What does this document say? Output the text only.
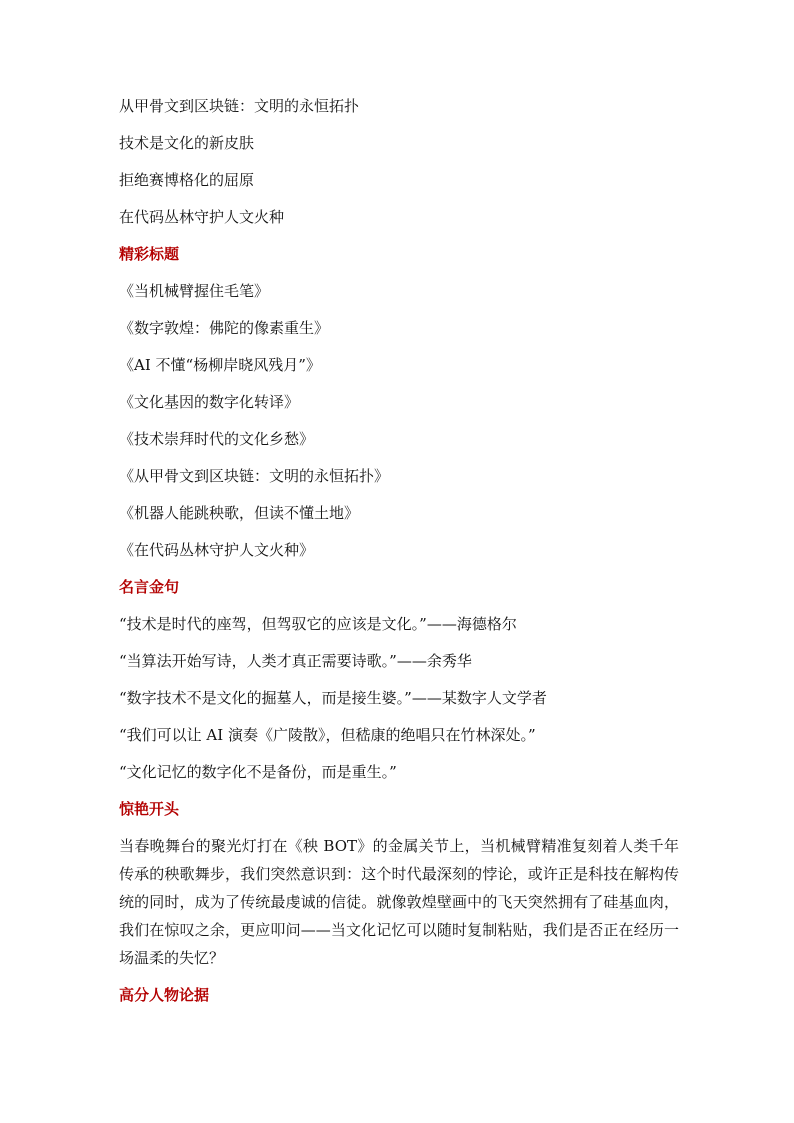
从甲骨文到区块链：文明的永恒拓扑
技术是文化的新皮肤
拒绝赛博格化的屈原
在代码丛林守护人文火种
精彩标题
《当机械臂握住毛笔》
《数字敦煌：佛陀的像素重生》
《AI 不懂“杨柳岸晓风残月”》
《文化基因的数字化转译》
《技术崇拜时代的文化乡愁》
《从甲骨文到区块链：文明的永恒拓扑》
《机器人能跳秧歌，但读不懂土地》
《在代码丛林守护人文火种》
名言金句
“技术是时代的座驾，但驾驭它的应该是文化。”——海德格尔
“当算法开始写诗，人类才真正需要诗歌。”——余秀华
“数字技术不是文化的掘墓人，而是接生婆。”——某数字人文学者
“我们可以让 AI 演奏《广陵散》，但嵇康的绝唱只在竹林深处。”
“文化记忆的数字化不是备份，而是重生。”
惊艳开头
当春晚舞台的聚光灯打在《秧 BOT》的金属关节上，当机械臂精准复刻着人类千年传承的秧歌舞步，我们突然意识到：这个时代最深刻的悖论，或许正是科技在解构传统的同时，成为了传统最虔诚的信徒。就像敦煌壁画中的飞天突然拥有了硅基血肉，我们在惊叹之余，更应叩问——当文化记忆可以随时复制粘贴，我们是否正在经历一场温柔的失忆？
高分人物论据
